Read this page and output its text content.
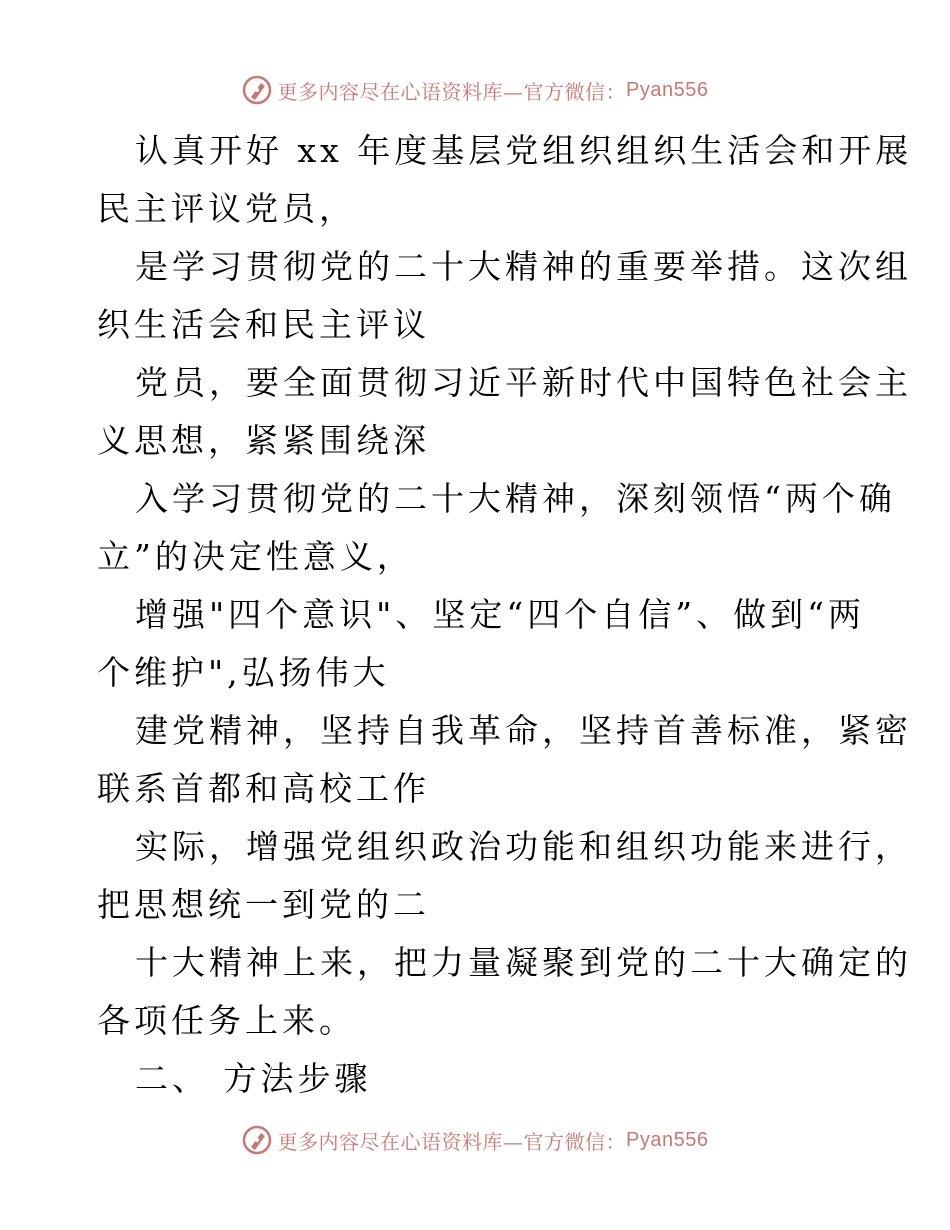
更多内容尽在心语资料库—官方微信： Pyan556
认真开好 xx 年度基层党组织组织生活会和开展
民主评议党员，
是学习贯彻党的二十大精神的重要举措。这次组
织生活会和民主评议
党员，要全面贯彻习近平新时代中国特色社会主
义思想，紧紧围绕深
入学习贯彻党的二十大精神，深刻领悟“两个确
立”的决定性意义，
增强"四个意识"、坚定“四个自信”、做到“两
个维护",弘扬伟大
建党精神，坚持自我革命，坚持首善标准，紧密
联系首都和高校工作
实际，增强党组织政治功能和组织功能来进行，
把思想统一到党的二
十大精神上来，把力量凝聚到党的二十大确定的
各项任务上来。
二、 方法步骤
更多内容尽在心语资料库—官方微信： Pyan556
